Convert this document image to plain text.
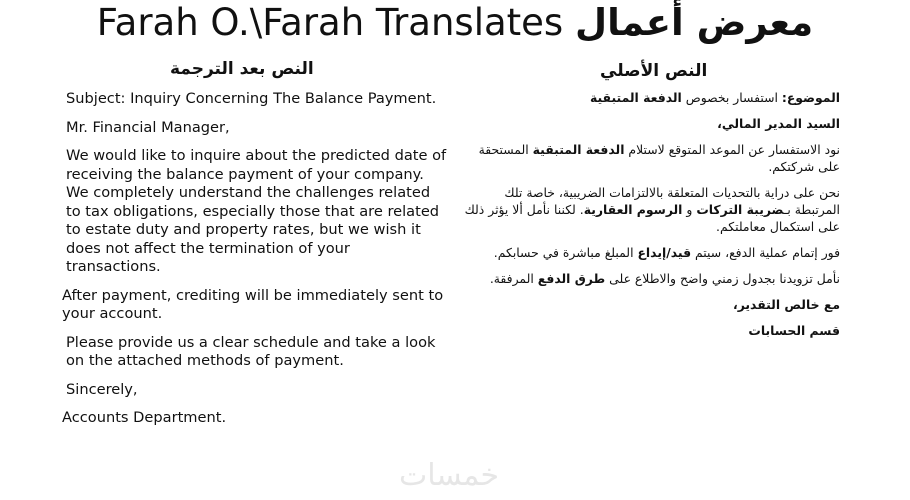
Farah O.\Farah Translates معرض أعمال
النص بعد الترجمة	النص الأصلي

Subject: Inquiry Concerning The Balance Payment.

Mr. Financial Manager,

We would like to inquire about the predicted date of receiving the balance payment of your company. We completely understand the challenges related to tax obligations, especially those that are related to estate duty and property rates, but we wish it does not affect the termination of your transactions.

After payment, crediting will be immediately sent to your account.

Please provide us a clear schedule and take a look on the attached methods of payment.

Sincerely,

Accounts Department.

الموضوع: استفسار بخصوص الدفعة المتبقية

السيد المدير المالي،

نود الاستفسار عن الموعد المتوقع لاستلام الدفعة المتبقية المستحقة على شركتكم.

نحن على دراية بالتحديات المتعلقة بالالتزامات الضريبية، خاصة تلك المرتبطة بـضريبة التركات و الرسوم العقارية. لكننا نأمل ألا يؤثر ذلك على استكمال معاملتكم.

فور إتمام عملية الدفع، سيتم قيد/إيداع المبلغ مباشرة في حسابكم.

نأمل تزويدنا بجدول زمني واضح والاطلاع على طرق الدفع المرفقة.

مع خالص التقدير،

قسم الحسابات

خمسات
